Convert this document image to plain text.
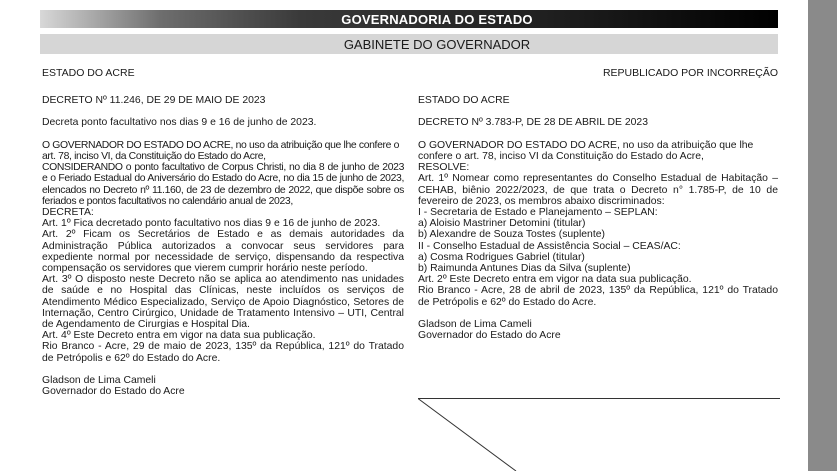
GOVERNADORIA DO ESTADO
GABINETE DO GOVERNADOR
ESTADO DO ACRE	REPUBLICADO POR INCORREÇÃO

DECRETO Nº 11.246, DE 29 DE MAIO DE 2023

Decreta ponto facultativo nos dias 9 e 16 de junho de 2023.

O GOVERNADOR DO ESTADO DO ACRE, no uso da atribuição que lhe confere o art. 78, inciso VI, da Constituição do Estado do Acre,

CONSIDERANDO o ponto facultativo de Corpus Christi, no dia 8 de junho de 2023 e o Feriado Estadual do Aniversário do Estado do Acre, no dia 15 de junho de 2023, elencados no Decreto nº 11.160, de 23 de dezembro de 2022, que dispõe sobre os feriados e pontos facultativos no calendário anual de 2023,

DECRETA:

Art. 1º Fica decretado ponto facultativo nos dias 9 e 16 de junho de 2023.

Art. 2º Ficam os Secretários de Estado e as demais autoridades da Administração Pública autorizados a convocar seus servidores para expediente normal por necessidade de serviço, dispensando da respectiva compensação os servidores que vierem cumprir horário neste período.

Art. 3º O disposto neste Decreto não se aplica ao atendimento nas unidades de saúde e no Hospital das Clínicas, neste incluídos os serviços de Atendimento Médico Especializado, Serviço de Apoio Diagnóstico, Setores de Internação, Centro Cirúrgico, Unidade de Tratamento Intensivo – UTI, Central de Agendamento de Cirurgias e Hospital Dia.

Art. 4º Este Decreto entra em vigor na data sua publicação.

Rio Branco - Acre, 29 de maio de 2023, 135º da República, 121º do Tratado de Petrópolis e 62º do Estado do Acre.

Gladson de Lima Cameli

Governador do Estado do Acre

ESTADO DO ACRE

DECRETO Nº 3.783-P, DE 28 DE ABRIL DE 2023

O GOVERNADOR DO ESTADO DO ACRE, no uso da atribuição que lhe confere o art. 78, inciso VI da Constituição do Estado do Acre,

RESOLVE:

Art. 1º Nomear como representantes do Conselho Estadual de Habitação – CEHAB, biênio 2022/2023, de que trata o Decreto n° 1.785-P, de 10 de fevereiro de 2023, os membros abaixo discriminados:

I - Secretaria de Estado e Planejamento – SEPLAN:

a) Aloisio Mastriner Detomini (titular)

b) Alexandre de Souza Tostes (suplente)

II - Conselho Estadual de Assistência Social – CEAS/AC:

a) Cosma Rodrigues Gabriel (titular)

b) Raimunda Antunes Dias da Silva (suplente)

Art. 2º Este Decreto entra em vigor na data sua publicação.

Rio Branco - Acre, 28 de abril de 2023, 135º da República, 121º do Tratado de Petrópolis e 62º do Estado do Acre.

Gladson de Lima Cameli

Governador do Estado do Acre
